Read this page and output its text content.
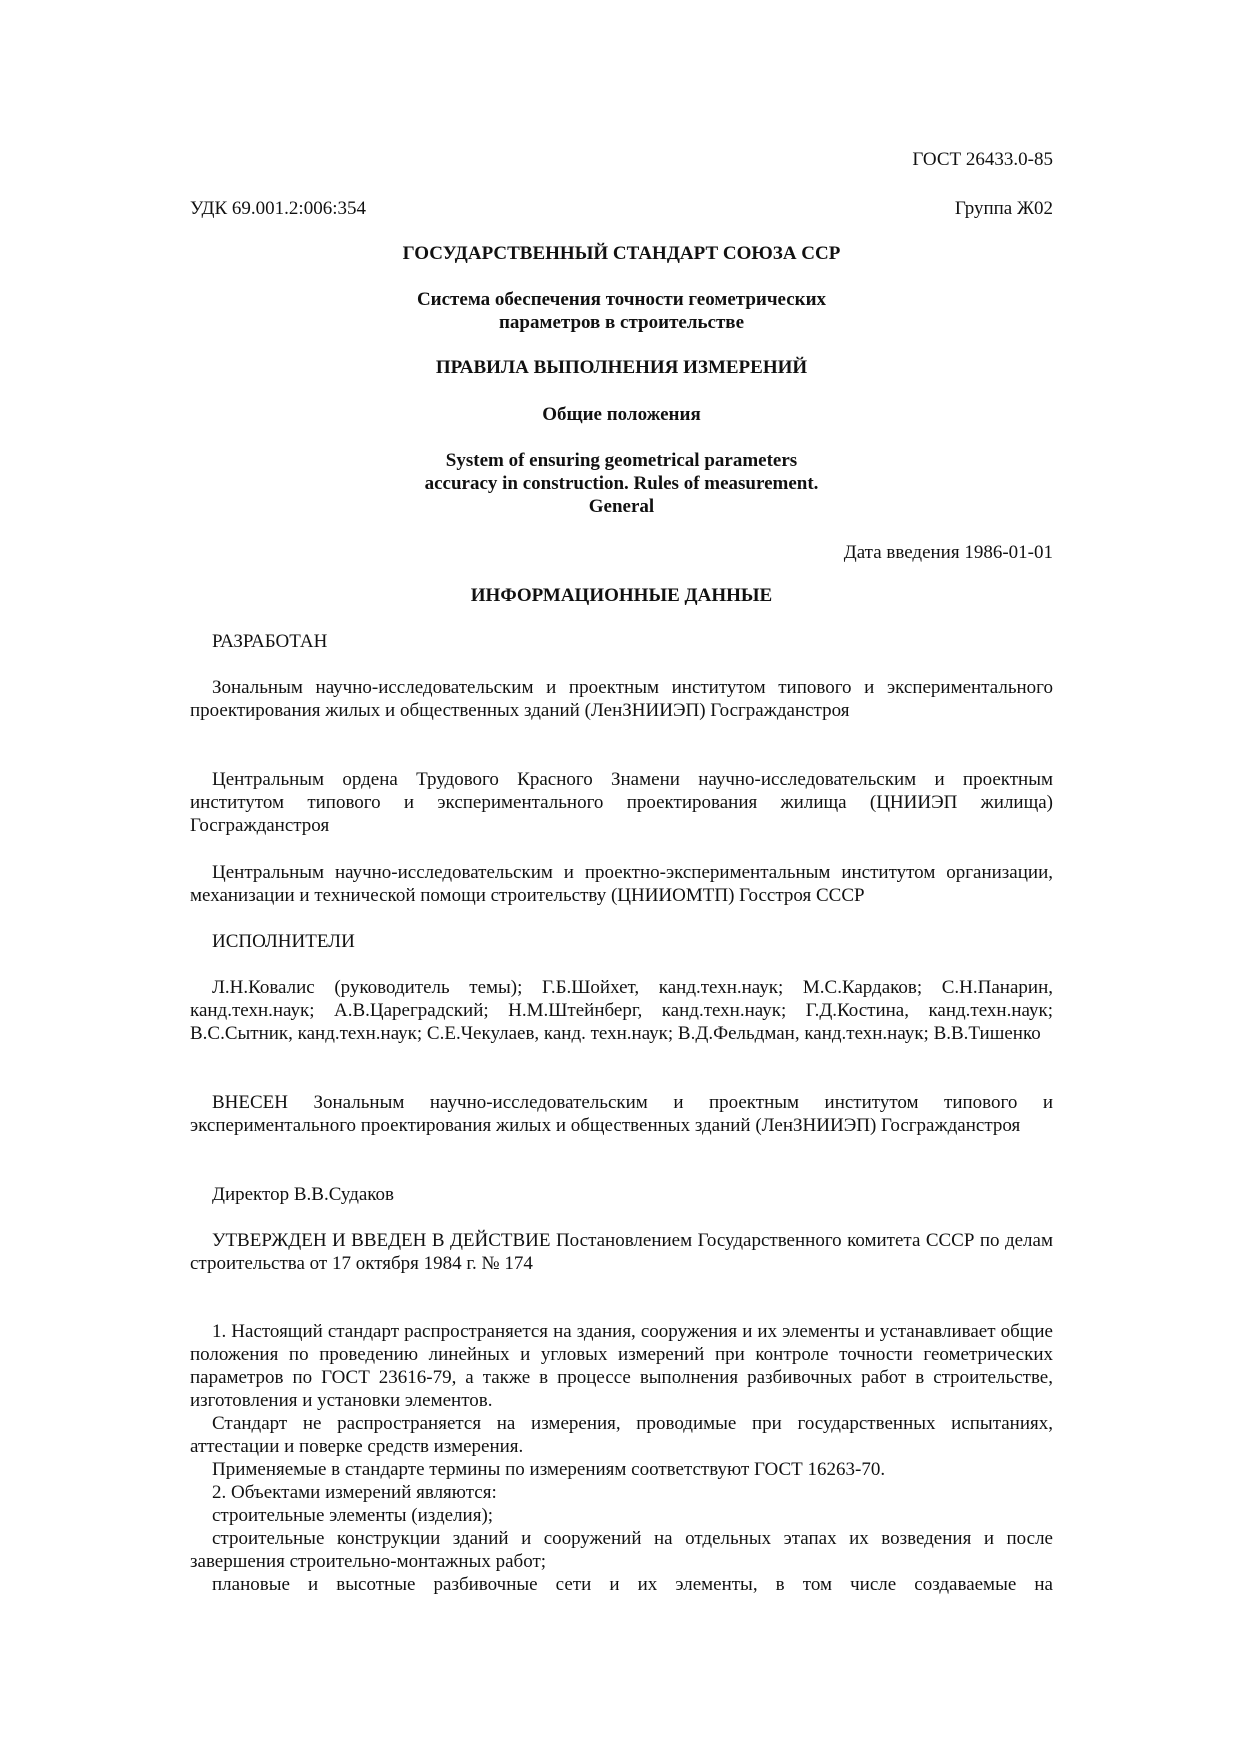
ГОСТ 26433.0-85
УДК 69.001.2:006:354	Группа Ж02
ГОСУДАРСТВЕННЫЙ СТАНДАРТ СОЮЗА ССР
Система обеспечения точности геометрических
параметров в строительстве
ПРАВИЛА ВЫПОЛНЕНИЯ ИЗМЕРЕНИЙ
Общие положения
System of ensuring geometrical parameters
accuracy in construction. Rules of measurement.
General
Дата введения 1986-01-01
ИНФОРМАЦИОННЫЕ ДАННЫЕ

РАЗРАБОТАН

Зональным научно-исследовательским и проектным институтом типового и экспериментального проектирования жилых и общественных зданий (ЛенЗНИИЭП) Госгражданстроя

Центральным ордена Трудового Красного Знамени научно-исследовательским и проектным институтом типового и экспериментального проектирования жилища (ЦНИИЭП жилища) Госгражданстроя

Центральным научно-исследовательским и проектно-экспериментальным институтом организации, механизации и технической помощи строительству (ЦНИИОМТП) Госстроя СССР

ИСПОЛНИТЕЛИ

Л.Н.Ковалис (руководитель темы); Г.Б.Шойхет, канд.техн.наук; М.С.Кардаков; С.Н.Панарин, канд.техн.наук; А.В.Цареградский; Н.М.Штейнберг, канд.техн.наук; Г.Д.Костина, канд.техн.наук; В.С.Сытник, канд.техн.наук; С.Е.Чекулаев, канд. техн.наук; В.Д.Фельдман, канд.техн.наук; В.В.Тишенко

ВНЕСЕН Зональным научно-исследовательским и проектным институтом типового и экспериментального проектирования жилых и общественных зданий (ЛенЗНИИЭП) Госгражданстроя

Директор В.В.Судаков

УТВЕРЖДЕН И ВВЕДЕН В ДЕЙСТВИЕ Постановлением Государственного комитета СССР по делам строительства от 17 октября 1984 г. № 174

1. Настоящий стандарт распространяется на здания, сооружения и их элементы и устанавливает общие положения по проведению линейных и угловых измерений при контроле точности геометрических параметров по ГОСТ 23616-79, а также в процессе выполнения разбивочных работ в строительстве, изготовления и установки элементов.

Стандарт не распространяется на измерения, проводимые при государственных испытаниях, аттестации и поверке средств измерения.

Применяемые в стандарте термины по измерениям соответствуют ГОСТ 16263-70.

2. Объектами измерений являются:

строительные элементы (изделия);

строительные конструкции зданий и сооружений на отдельных этапах их возведения и после завершения строительно-монтажных работ;

плановые и высотные разбивочные сети и их элементы, в том числе создаваемые на
